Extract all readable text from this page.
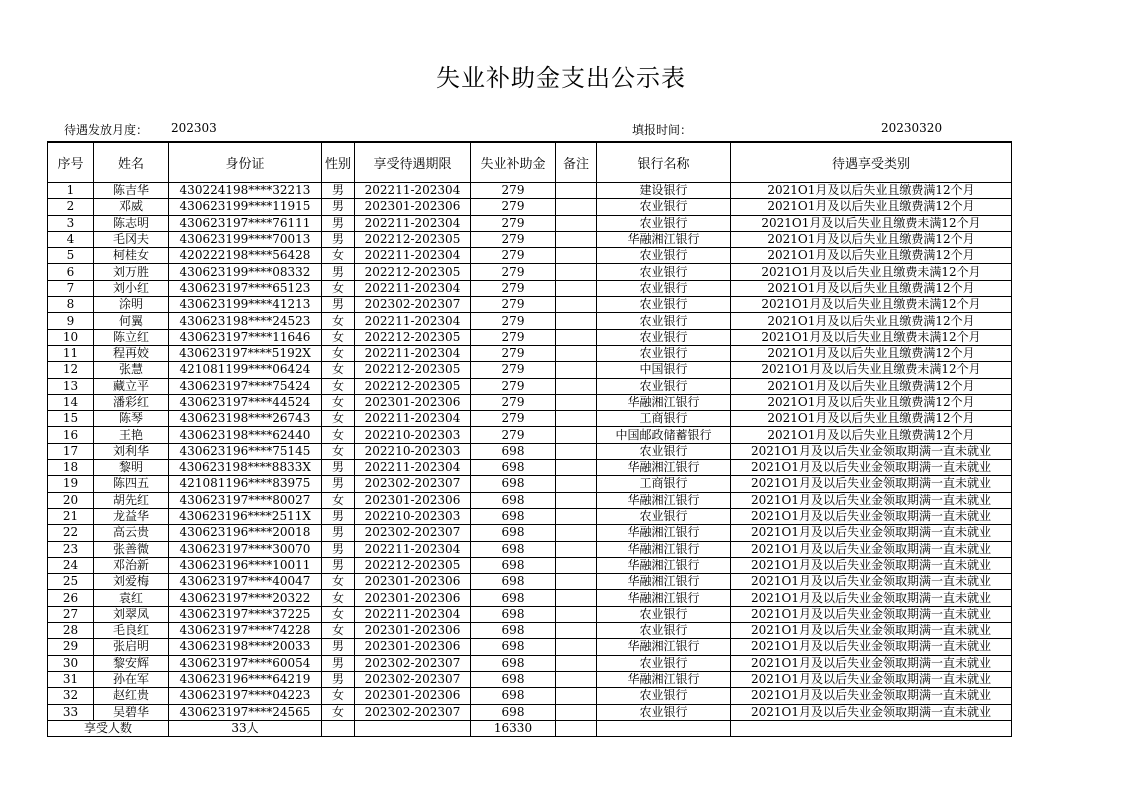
失业补助金支出公示表
待遇发放月度： 202303	填报时间：	20230320
序号	姓名	身份证	性别	享受待遇期限	失业补助金	备注	银行名称	待遇享受类别
1	陈吉华	430224198****32213	男	202211-202304	279		建设银行	2021O1月及以后失业且缴费满12个月
2	邓威	430623199****11915	男	202301-202306	279		农业银行	2021O1月及以后失业且缴费满12个月
3	陈志明	430623197****76111	男	202211-202304	279		农业银行	2021O1月及以后失业且缴费未满12个月
4	毛冈夫	430623199****70013	男	202212-202305	279		华融湘江银行	2021O1月及以后失业且缴费满12个月
5	柯桂女	420222198****56428	女	202211-202304	279		农业银行	2021O1月及以后失业且缴费满12个月
6	刘万胜	430623199****08332	男	202212-202305	279		农业银行	2021O1月及以后失业且缴费未满12个月
7	刘小红	430623197****65123	女	202211-202304	279		农业银行	2021O1月及以后失业且缴费满12个月
8	涂明	430623199****41213	男	202302-202307	279		农业银行	2021O1月及以后失业且缴费未满12个月
9	何翼	430623198****24523	女	202211-202304	279		农业银行	2021O1月及以后失业且缴费满12个月
10	陈立红	430623197****11646	女	202212-202305	279		农业银行	2021O1月及以后失业且缴费未满12个月
11	程再姣	430623197****5192X	女	202211-202304	279		农业银行	2021O1月及以后失业且缴费满12个月
12	张慧	421081199****06424	女	202212-202305	279		中国银行	2021O1月及以后失业且缴费未满12个月
13	藏立平	430623197****75424	女	202212-202305	279		农业银行	2021O1月及以后失业且缴费满12个月
14	潘彩红	430623197****44524	女	202301-202306	279		华融湘江银行	2021O1月及以后失业且缴费满12个月
15	陈琴	430623198****26743	女	202211-202304	279		工商银行	2021O1月及以后失业且缴费满12个月
16	王艳	430623198****62440	女	202210-202303	279		中国邮政储蓄银行	2021O1月及以后失业且缴费满12个月
17	刘利华	430623196****75145	女	202210-202303	698		农业银行	2021O1月及以后失业金领取期满一直未就业
18	黎明	430623198****8833X	男	202211-202304	698		华融湘江银行	2021O1月及以后失业金领取期满一直未就业
19	陈四五	421081196****83975	男	202302-202307	698		工商银行	2021O1月及以后失业金领取期满一直未就业
20	胡先红	430623197****80027	女	202301-202306	698		华融湘江银行	2021O1月及以后失业金领取期满一直未就业
21	龙益华	430623196****2511X	男	202210-202303	698		农业银行	2021O1月及以后失业金领取期满一直未就业
22	高云贵	430623196****20018	男	202302-202307	698		华融湘江银行	2021O1月及以后失业金领取期满一直未就业
23	张善微	430623197****30070	男	202211-202304	698		华融湘江银行	2021O1月及以后失业金领取期满一直未就业
24	邓治新	430623196****10011	男	202212-202305	698		华融湘江银行	2021O1月及以后失业金领取期满一直未就业
25	刘爱梅	430623197****40047	女	202301-202306	698		华融湘江银行	2021O1月及以后失业金领取期满一直未就业
26	袁红	430623197****20322	女	202301-202306	698		华融湘江银行	2021O1月及以后失业金领取期满一直未就业
27	刘翠凤	430623197****37225	女	202211-202304	698		农业银行	2021O1月及以后失业金领取期满一直未就业
28	毛良红	430623197****74228	女	202301-202306	698		农业银行	2021O1月及以后失业金领取期满一直未就业
29	张启明	430623198****20033	男	202301-202306	698		华融湘江银行	2021O1月及以后失业金领取期满一直未就业
30	黎安辉	430623197****60054	男	202302-202307	698		农业银行	2021O1月及以后失业金领取期满一直未就业
31	孙在军	430623196****64219	男	202302-202307	698		华融湘江银行	2021O1月及以后失业金领取期满一直未就业
32	赵红贵	430623197****04223	女	202301-202306	698		农业银行	2021O1月及以后失业金领取期满一直未就业
33	吴碧华	430623197****24565	女	202302-202307	698		农业银行	2021O1月及以后失业金领取期满一直未就业
享受人数		33人			16330			
